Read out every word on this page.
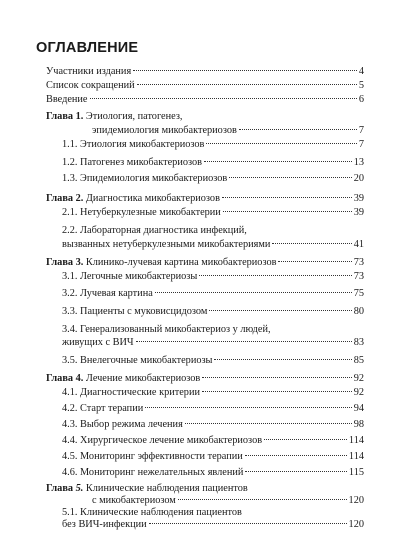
ОГЛАВЛЕНИЕ
Участники издания	4
Список сокращений	5
Введение	6
Глава 1. Этиология, патогенез,
эпидемиология микобактериозов	7
1.1. Этиология микобактериозов	7
1.2. Патогенез микобактериозов	13
1.3. Эпидемиология микобактериозов	20
Глава 2. Диагностика микобактериозов	39
2.1. Нетуберкулезные микобактерии	39
2.2. Лабораторная диагностика инфекций,
вызванных нетуберкулезными микобактериями	41
Глава 3. Клинико-лучевая картина микобактериозов	73
3.1. Легочные микобактериозы	73
3.2. Лучевая картина	75
3.3. Пациенты с муковисцидозом	80
3.4. Генерализованный микобактериоз у людей,
живущих с ВИЧ	83
3.5. Внелегочные микобактериозы	85
Глава 4. Лечение микобактериозов	92
4.1. Диагностические критерии	92
4.2. Старт терапии	94
4.3. Выбор режима лечения	98
4.4. Хирургическое лечение микобактериозов	114
4.5. Мониторинг эффективности терапии	114
4.6. Мониторинг нежелательных явлений	115
Глава 5. Клинические наблюдения пациентов
с микобактериозом	120
5.1. Клинические наблюдения пациентов
без ВИЧ-инфекции	120
